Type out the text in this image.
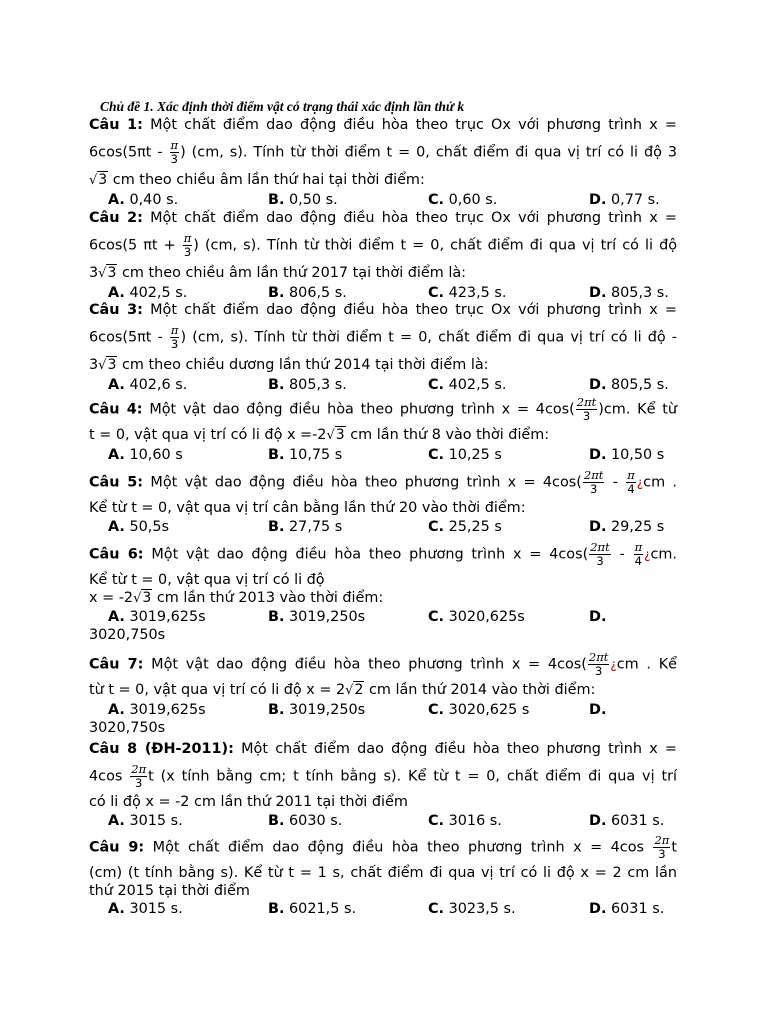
Chủ đề 1. Xác định thời điểm vật có trạng thái xác định lần thứ k
Câu 1: Một chất điểm dao động điều hòa theo trục Ox với phương trình x =
$6\cos(5\pi t - \frac{\pi}{3}$ ) (cm, s). Tính từ thời điểm t = 0, chất điểm đi qua vị trí có li độ 3
√3 cm theo chiều âm lần thứ hai tại thời điểm:
A. 0,40 s.	B. 0,50 s.	C. 0,60 s.	D. 0,77 s.
Câu 2: Một chất điểm dao động điều hòa theo trục Ox với phương trình x =
6cos(5 $\pi t + \frac{\pi}{3}$ ) (cm, s). Tính từ thời điểm t = 0, chất điểm đi qua vị trí có li độ
3√3 cm theo chiều âm lần thứ 2017 tại thời điểm là:
A. 402,5 s.	B. 806,5 s.	C. 423,5 s.	D. 805,3 s.
Câu 3: Một chất điểm dao động điều hòa theo trục Ox với phương trình x =
$6\cos(5\pi t - \frac{\pi}{3}$ ) (cm, s). Tính từ thời điểm t = 0, chất điểm đi qua vị trí có li độ -
3√3 cm theo chiều dương lần thứ 2014 tại thời điểm là:
A. 402,6 s.	B. 805,3 s.	C. 402,5 s.	D. 805,5 s.
Câu 4: Một vật dao động điều hòa theo phương trình $x = 4\cos( \frac{2\pi t}{3} )cm$. Kể từ
t = 0, vật qua vị trí có li độ x =-2√3 cm lần thứ 8 vào thời điểm:
A. 10,60 s	B. 10,75 s	C. 10,25 s	D. 10,50 s
Câu 5: Một vật dao động điều hòa theo phương trình $x = 4\cos( \frac{2\pi t}{3} - \frac{\pi}{4}$ ¿cm .
Kể từ t = 0, vật qua vị trí cân bằng lần thứ 20 vào thời điểm:
A. 50,5s	B. 27,75 s	C. 25,25 s	D. 29,25 s
Câu 6: Một vật dao động điều hòa theo phương trình $x = 4\cos( \frac{2\pi t}{3} - \frac{\pi}{4}$ ¿cm.
Kể từ t = 0, vật qua vị trí có li độ
x = -2√3 cm lần thứ 2013 vào thời điểm:
A. 3019,625s	B. 3019,250s	C. 3020,625s	D.
3020,750s
Câu 7: Một vật dao động điều hòa theo phương trình $x = 4\cos( \frac{2\pi t}{3}$ ¿cm . Kể
từ t = 0, vật qua vị trí có li độ x = 2√2 cm lần thứ 2014 vào thời điểm:
A. 3019,625s	B. 3019,250s	C. 3020,625 s	D.
3020,750s
Câu 8 (ĐH-2011): Một chất điểm dao động điều hòa theo phương trình x =
$4\cos \frac{2\pi}{3}$ t (x tính bằng cm; t tính bằng s). Kể từ t = 0, chất điểm đi qua vị trí
có li độ x = -2 cm lần thứ 2011 tại thời điểm
A. 3015 s.	B. 6030 s.	C. 3016 s.	D. 6031 s.
Câu 9: Một chất điểm dao động điều hòa theo phương trình $x = 4\cos \frac{2\pi}{3}$ t
(cm) (t tính bằng s). Kể từ t = 1 s, chất điểm đi qua vị trí có li độ x = 2 cm lần
thứ 2015 tại thời điểm
A. 3015 s.	B. 6021,5 s.	C. 3023,5 s.	D. 6031 s.
